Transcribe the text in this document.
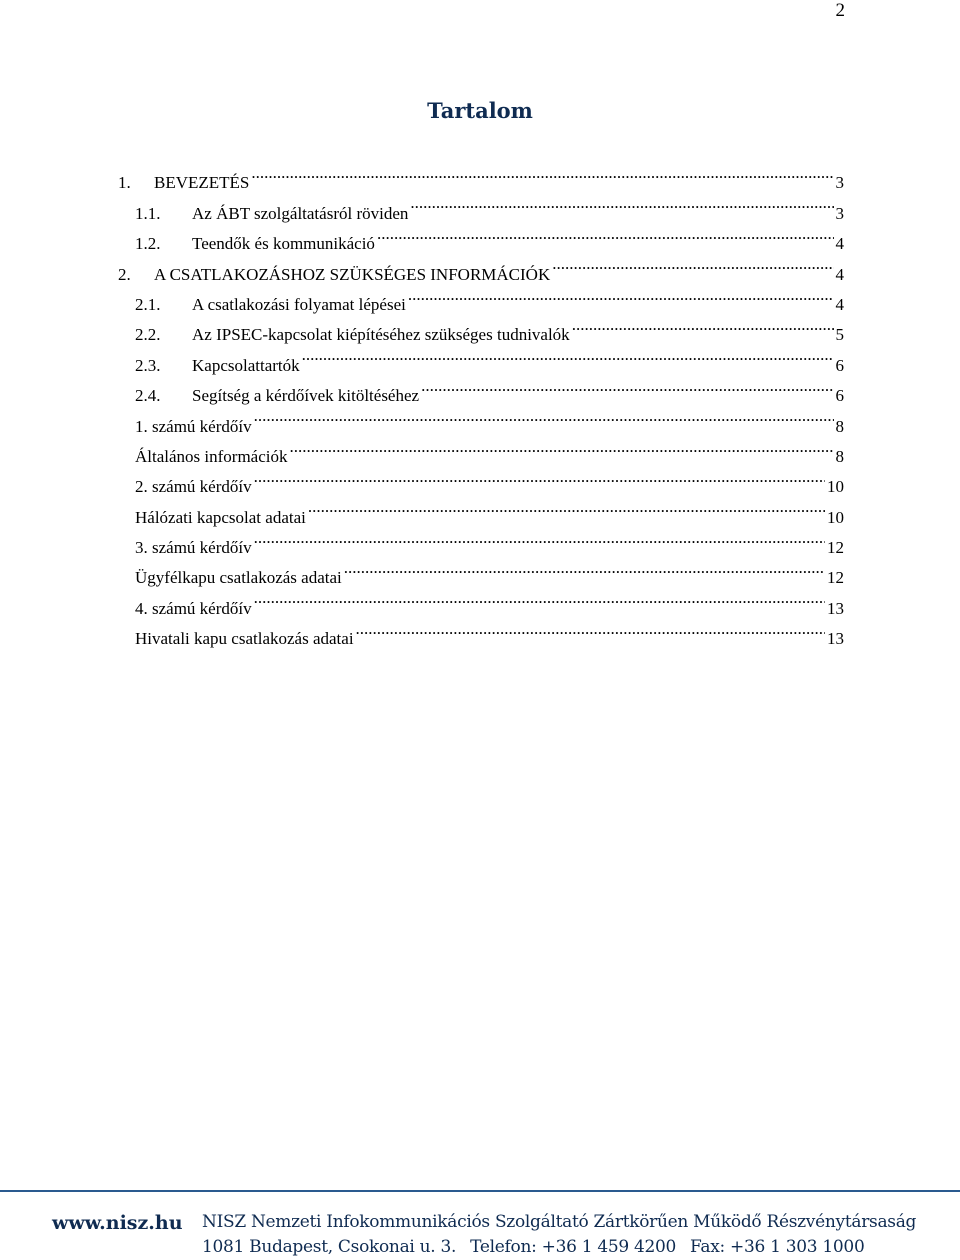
2
Tartalom
1.	BEVEZETÉS .....	3
1.1.	Az ÁBT szolgáltatásról röviden .....	3
1.2.	Teendők és kommunikáció .....	4
2.	A CSATLAKOZÁSHOZ SZÜKSÉGES INFORMÁCIÓK .....	4
2.1.	A csatlakozási folyamat lépései .....	4
2.2.	Az IPSEC-kapcsolat kiépítéséhez szükséges tudnivalók .....	5
2.3.	Kapcsolattartók .....	6
2.4.	Segítség a kérdőívek kitöltéséhez .....	6
1. számú kérdőív .....	8
Általános információk .....	8
2. számú kérdőív .....	10
Hálózati kapcsolat adatai .....	10
3. számú kérdőív .....	12
Ügyfélkapu csatlakozás adatai .....	12
4. számú kérdőív .....	13
Hivatali kapu csatlakozás adatai .....	13
www.nisz.hu NISZ Nemzeti Infokommunikációs Szolgáltató Zártkörűen Működő Részvénytársaság
1081 Budapest, Csokonai u. 3. Telefon: +36 1 459 4200 Fax: +36 1 303 1000
